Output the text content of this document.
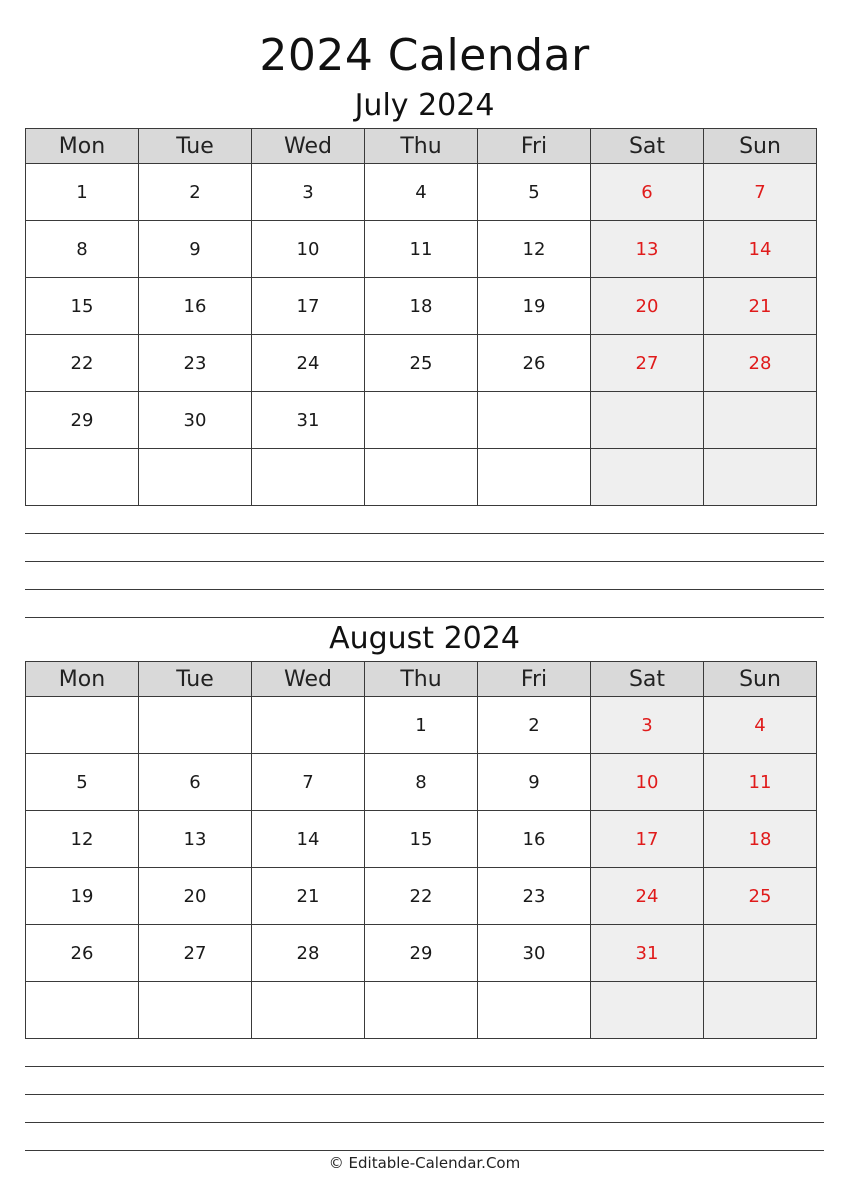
2024 Calendar
July 2024
Mon	Tue	Wed	Thu	Fri	Sat	Sun
1	2	3	4	5	6	7
8	9	10	11	12	13	14
15	16	17	18	19	20	21
22	23	24	25	26	27	28
29	30	31				

August 2024
Mon	Tue	Wed	Thu	Fri	Sat	Sun
			1	2	3	4
5	6	7	8	9	10	11
12	13	14	15	16	17	18
19	20	21	22	23	24	25
26	27	28	29	30	31	

© Editable-Calendar.Com
